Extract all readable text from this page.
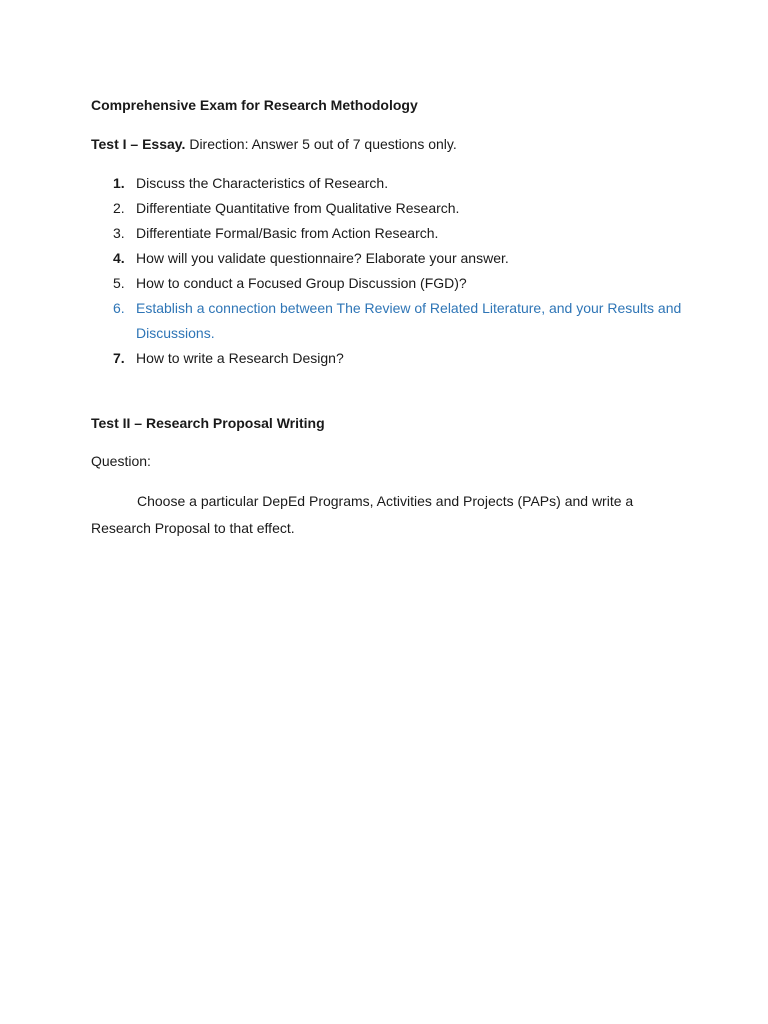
Comprehensive Exam for Research Methodology
Test I – Essay. Direction: Answer 5 out of 7 questions only.
1. Discuss the Characteristics of Research.
2. Differentiate Quantitative from Qualitative Research.
3. Differentiate Formal/Basic from Action Research.
4. How will you validate questionnaire? Elaborate your answer.
5. How to conduct a Focused Group Discussion (FGD)?
6. Establish a connection between The Review of Related Literature, and your Results and Discussions.
7. How to write a Research Design?
Test II – Research Proposal Writing
Question:

Choose a particular DepEd Programs, Activities and Projects (PAPs) and write a Research Proposal to that effect.
